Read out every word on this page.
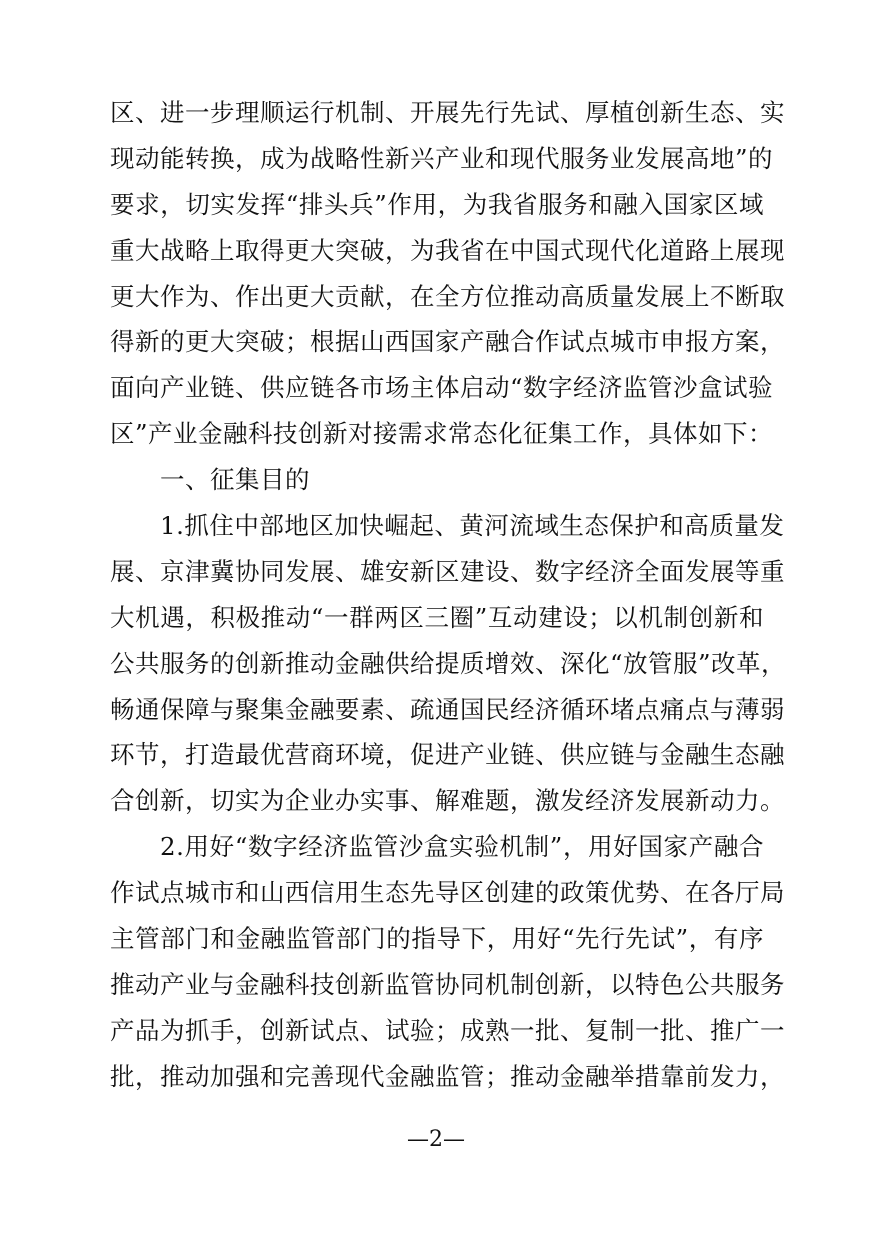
区、进一步理顺运行机制、开展先行先试、厚植创新生态、实
现动能转换，成为战略性新兴产业和现代服务业发展高地”的
要求，切实发挥“排头兵”作用，为我省服务和融入国家区域
重大战略上取得更大突破，为我省在中国式现代化道路上展现
更大作为、作出更大贡献，在全方位推动高质量发展上不断取
得新的更大突破；根据山西国家产融合作试点城市申报方案，
面向产业链、供应链各市场主体启动“数字经济监管沙盒试验
区”产业金融科技创新对接需求常态化征集工作，具体如下：
一、征集目的
1.抓住中部地区加快崛起、黄河流域生态保护和高质量发
展、京津冀协同发展、雄安新区建设、数字经济全面发展等重
大机遇，积极推动“一群两区三圈”互动建设；以机制创新和
公共服务的创新推动金融供给提质增效、深化“放管服”改革，
畅通保障与聚集金融要素、疏通国民经济循环堵点痛点与薄弱
环节，打造最优营商环境，促进产业链、供应链与金融生态融
合创新，切实为企业办实事、解难题，激发经济发展新动力。
2.用好“数字经济监管沙盒实验机制”，用好国家产融合
作试点城市和山西信用生态先导区创建的政策优势、在各厅局
主管部门和金融监管部门的指导下，用好“先行先试”，有序
推动产业与金融科技创新监管协同机制创新，以特色公共服务
产品为抓手，创新试点、试验；成熟一批、复制一批、推广一
批，推动加强和完善现代金融监管；推动金融举措靠前发力，
—2—
